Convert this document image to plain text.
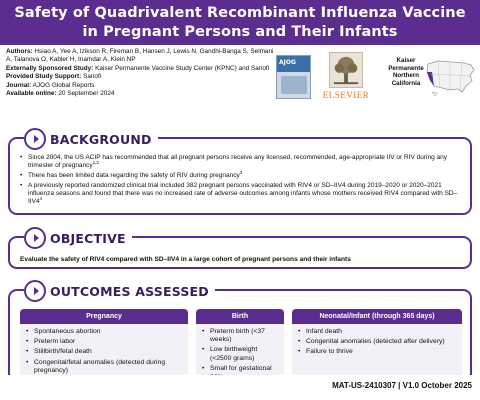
Safety of Quadrivalent Recombinant Influenza Vaccine
in Pregnant Persons and Their Infants
Authors: Hsiao A, Yee A, Izikson R, Fireman B, Hansen J, Lewis N, Gandhi-Banga S, Selmani A, Talanova O, Kabler H, Inamdar A, Klein NP
Externally Sponsored Study: Kaiser Permanente Vaccine Study Center (KPNC) and Sanofi
Provided Study Support: Sanofi
Journal: AJOG Global Reports
Available online: 20 September 2024
AJOG
ELSEVIER
Kaiser
Permanente
Northern
California
BACKGROUND
• Since 2004, the US ACIP has recommended that all pregnant persons receive any licensed, recommended, age-appropriate IIV or RIV during any trimester of pregnancy$^{1,2}$
• There has been limited data regarding the safety of RIV during pregnancy$^3$
• A previously reported randomized clinical trial included 382 pregnant persons vaccinated with RIV4 or SD–IIV4 during 2019–2020 or 2020–2021 influenza seasons and found that there was no increased rate of adverse outcomes among infants whose mothers received RIV4 compared with $SD-IIV4^4$
OBJECTIVE
Evaluate the safety of RIV4 compared with SD–IIV4 in a large cohort of pregnant persons and their infants
OUTCOMES ASSESSED
Pregnancy
• Spontaneous abortion
• Preterm labor
• Stillbirth/fetal death
• Congenital/fetal anomalies (detected during pregnancy)
Birth
• Preterm birth (<37 weeks)
• Low birthweight (<2500 grams)
• Small for gestational
Neonatal/Infant (through 365 days)
• Infant death
• Congenital anomalies (detected after delivery)
• Failure to thrive
MAT-US-2410307 | V1.0 October 2025
